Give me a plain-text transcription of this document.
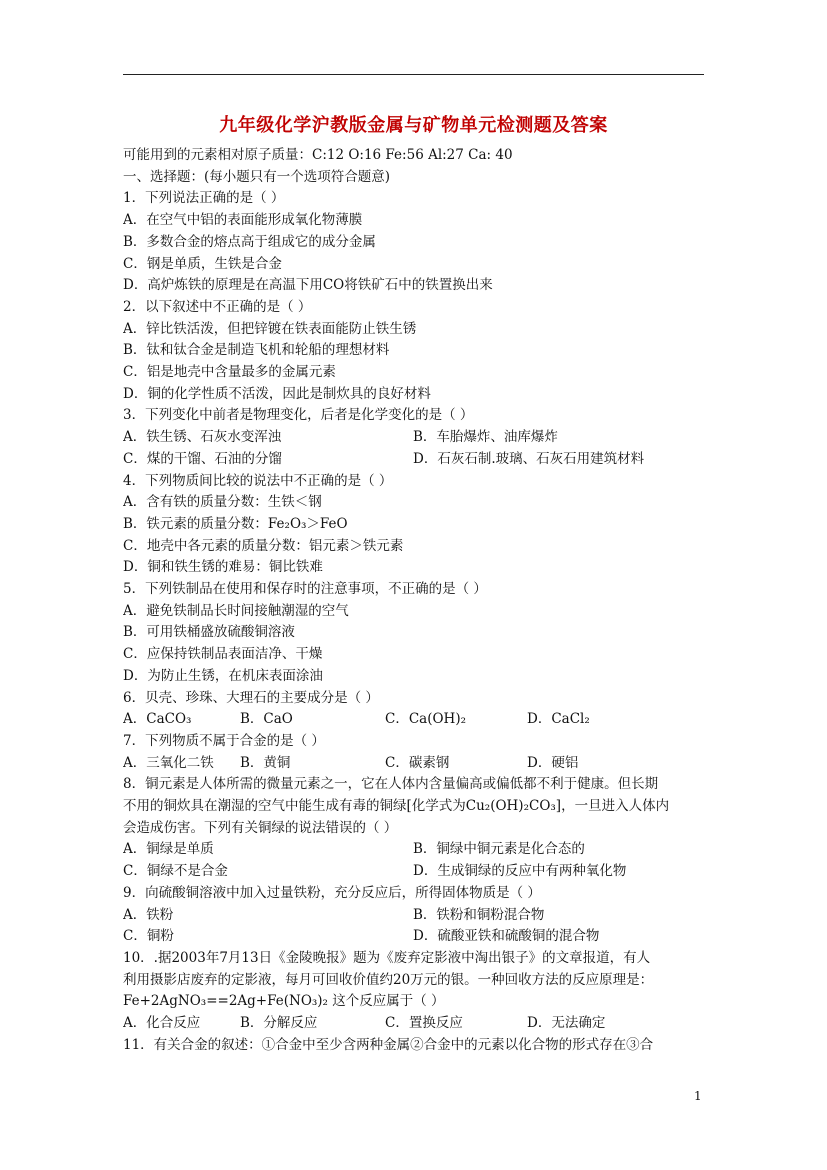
九年级化学沪教版金属与矿物单元检测题及答案
可能用到的元素相对原子质量：C:12 O:16 Fe:56 Al:27 Ca: 40
一、选择题：(每小题只有一个选项符合题意)
1．下列说法正确的是（ ）
A．在空气中铝的表面能形成氧化物薄膜
B．多数合金的熔点高于组成它的成分金属
C．钢是单质，生铁是合金
D．高炉炼铁的原理是在高温下用CO将铁矿石中的铁置换出来
2．以下叙述中不正确的是（ ）
A．锌比铁活泼，但把锌镀在铁表面能防止铁生锈
B．钛和钛合金是制造飞机和轮船的理想材料
C．铝是地壳中含量最多的金属元素
D．铜的化学性质不活泼，因此是制炊具的良好材料
3．下列变化中前者是物理变化，后者是化学变化的是（ ）
A．铁生锈、石灰水变浑浊	B．车胎爆炸、油库爆炸
C．煤的干馏、石油的分馏	D．石灰石制.玻璃、石灰石用建筑材料
4．下列物质间比较的说法中不正确的是（ ）
A．含有铁的质量分数：生铁＜钢
B．铁元素的质量分数：Fe₂O₃＞FeO
C．地壳中各元素的质量分数：铝元素＞铁元素
D．铜和铁生锈的难易：铜比铁难
5．下列铁制品在使用和保存时的注意事项，不正确的是（ ）
A．避免铁制品长时间接触潮湿的空气
B．可用铁桶盛放硫酸铜溶液
C．应保持铁制品表面洁净、干燥
D．为防止生锈，在机床表面涂油
6．贝壳、珍珠、大理石的主要成分是（ ）
A．CaCO₃	B．CaO	C．Ca(OH)₂	D．CaCl₂
7．下列物质不属于合金的是（ ）
A．三氧化二铁 B．黄铜	C．碳素钢	D．硬铝
8．铜元素是人体所需的微量元素之一，它在人体内含量偏高或偏低都不利于健康。但长期
不用的铜炊具在潮湿的空气中能生成有毒的铜绿[化学式为Cu₂(OH)₂CO₃]，一旦进入人体内
会造成伤害。下列有关铜绿的说法错误的（ ）
A．铜绿是单质	B．铜绿中铜元素是化合态的
C．铜绿不是合金	D．生成铜绿的反应中有两种氧化物
9．向硫酸铜溶液中加入过量铁粉，充分反应后，所得固体物质是（ ）
A．铁粉	B．铁粉和铜粉混合物
C．铜粉	D．硫酸亚铁和硫酸铜的混合物
10．.据2003年7月13日《金陵晚报》题为《废弃定影液中淘出银子》的文章报道，有人
利用摄影店废弃的定影液，每月可回收价值约20万元的银。一种回收方法的反应原理是：
Fe+2AgNO₃==2Ag+Fe(NO₃)₂ 这个反应属于（ ）
A．化合反应	B．分解反应	C．置换反应	D．无法确定
11．有关合金的叙述：①合金中至少含两种金属②合金中的元素以化合物的形式存在③合
1
